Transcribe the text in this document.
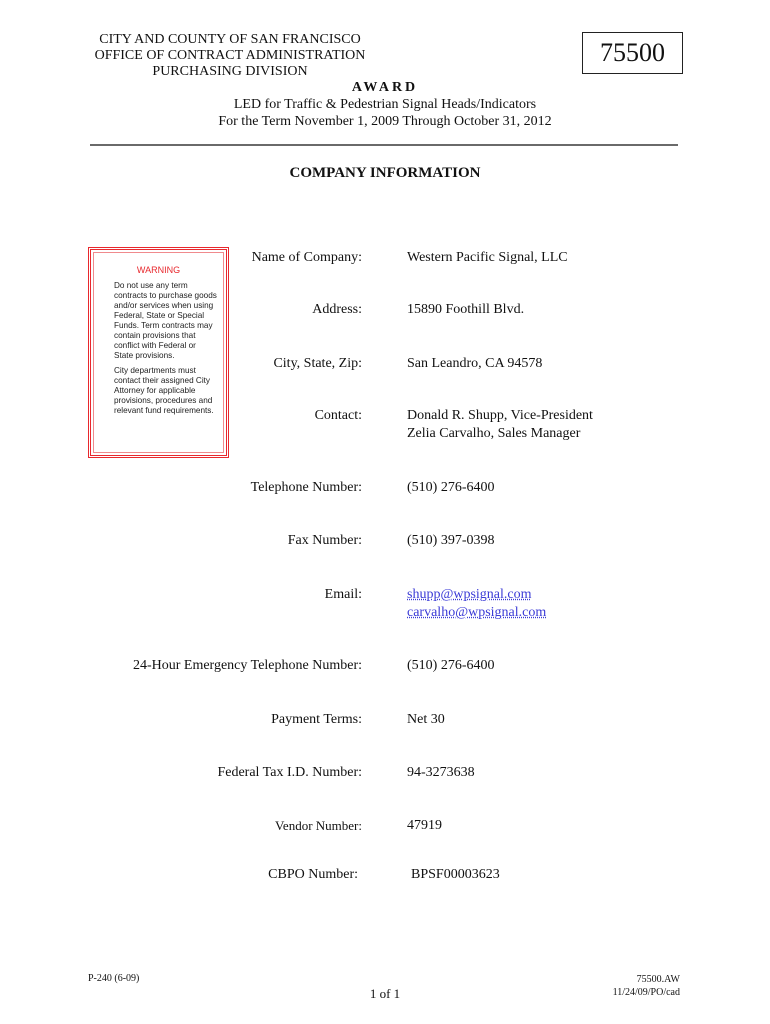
CITY AND COUNTY OF SAN FRANCISCO
OFFICE OF CONTRACT ADMINISTRATION
PURCHASING DIVISION
75500
AWARD
LED for Traffic & Pedestrian Signal Heads/Indicators
For the Term November 1, 2009 Through October 31, 2012
COMPANY INFORMATION
WARNING
Do not use any term contracts to purchase goods and/or services when using Federal, State or Special Funds. Term contracts may contain provisions that conflict with Federal or State provisions.
City departments must contact their assigned City Attorney for applicable provisions, procedures and relevant fund requirements.
Name of Company:	Western Pacific Signal, LLC
Address:	15890 Foothill Blvd.
City, State, Zip:	San Leandro, CA 94578
Contact:	Donald R. Shupp, Vice-President
Zelia Carvalho, Sales Manager
Telephone Number:	(510) 276-6400
Fax Number:	(510) 397-0398
Email:	shupp@wpsignal.com
carvalho@wpsignal.com
24-Hour Emergency Telephone Number:	(510) 276-6400
Payment Terms:	Net 30
Federal Tax I.D. Number:	94-3273638
Vendor Number:	47919
CBPO Number:	BPSF00003623
P-240 (6-09)
1 of 1
75500.AW
11/24/09/PO/cad
